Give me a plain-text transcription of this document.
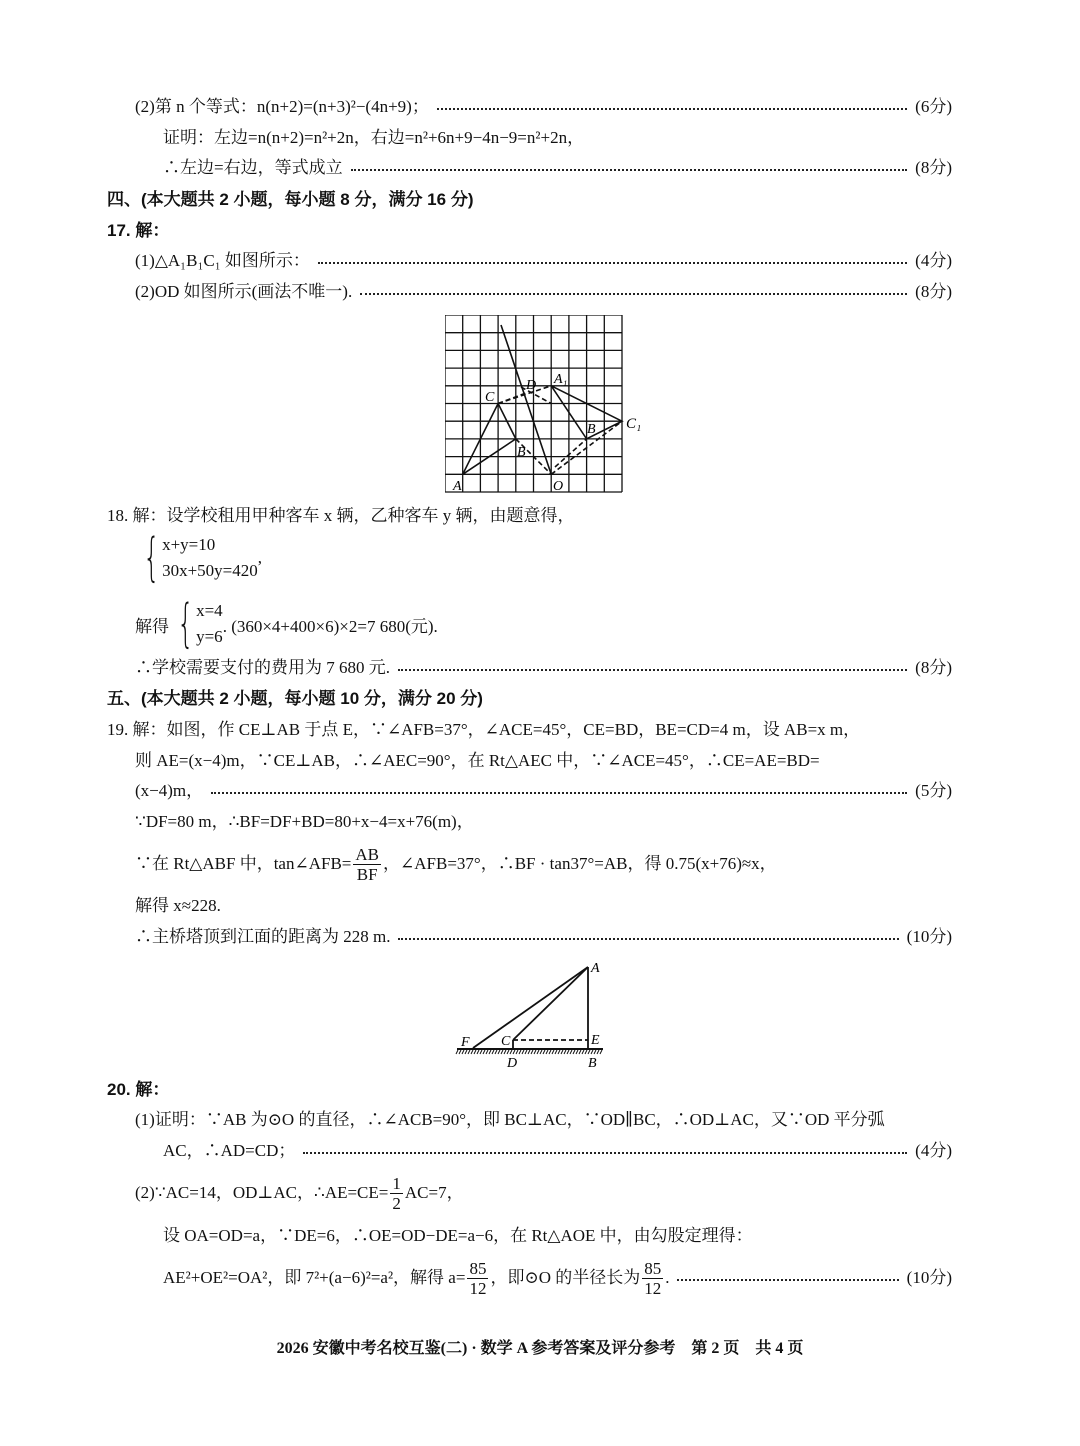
(2)第 n 个等式：n(n+2)=(n+3)²−(4n+9)；	(6分)
证明：左边=n(n+2)=n²+2n，右边=n²+6n+9−4n−9=n²+2n，
∴左边=右边，等式成立	(8分)
四、(本大题共 2 小题，每小题 8 分，满分 16 分)
17. 解：
(1)△A₁B₁C₁ 如图所示：	(4分)
(2)OD 如图所示(画法不唯一).	(8分)
A
B
C
D
O
A₁
B C₁
18. 解：设学校租用甲种客车 x 辆，乙种客车 y 辆，由题意得，
{ x+y=10
30x+50y=420
,
解得 { x=4
y=6
. (360×4+400×6)×2=7 680(元).
∴学校需要支付的费用为 7 680 元.	(8分)
五、(本大题共 2 小题，每小题 10 分，满分 20 分)
19. 解：如图，作 CE⊥AB 于点 E，∵∠AFB=37°，∠ACE=45°，CE=BD，BE=CD=4 m，设 AB=x m，
则 AE=(x−4)m，∵CE⊥AB，∴∠AEC=90°，在 Rt△AEC 中，∵∠ACE=45°，∴CE=AE=BD=
(x−4)m，	(5分)
∵DF=80 m，∴BF=DF+BD=80+x−4=x+76(m)，
∵在 Rt△ABF 中，tan∠AFB= $\frac{AB}{BF}$ ，∠AFB=37°，∴BF · tan37°=AB，得 0.75(x+76)≈x，
解得 x≈228.
∴主桥塔顶到江面的距离为 228 m.	(10分)
A
B
C
D
E
F
20. 解：
(1)证明：∵AB 为⊙O 的直径，∴∠ACB=90°，即 BC⊥AC，∵OD∥BC，∴OD⊥AC，又∵OD 平分弧
AC，∴AD=CD；	(4分)
(2)∵AC=14，OD⊥AC，∴AE=CE= $\frac{1}{2} AC=7$，
设 OA=OD=a，∵DE=6，∴OE=OD−DE=a−6，在 Rt△AOE 中，由勾股定理得：
AE²+OE²=OA²，即 7²+(a−6)²=a²，解得 $a= \frac{85}{12}$ ，即⊙O 的半径长为 $\frac{85}{12}$ .	(10分)
2026 安徽中考名校互鉴(二) · 数学 A 参考答案及评分参考　第 2 页　共 4 页
